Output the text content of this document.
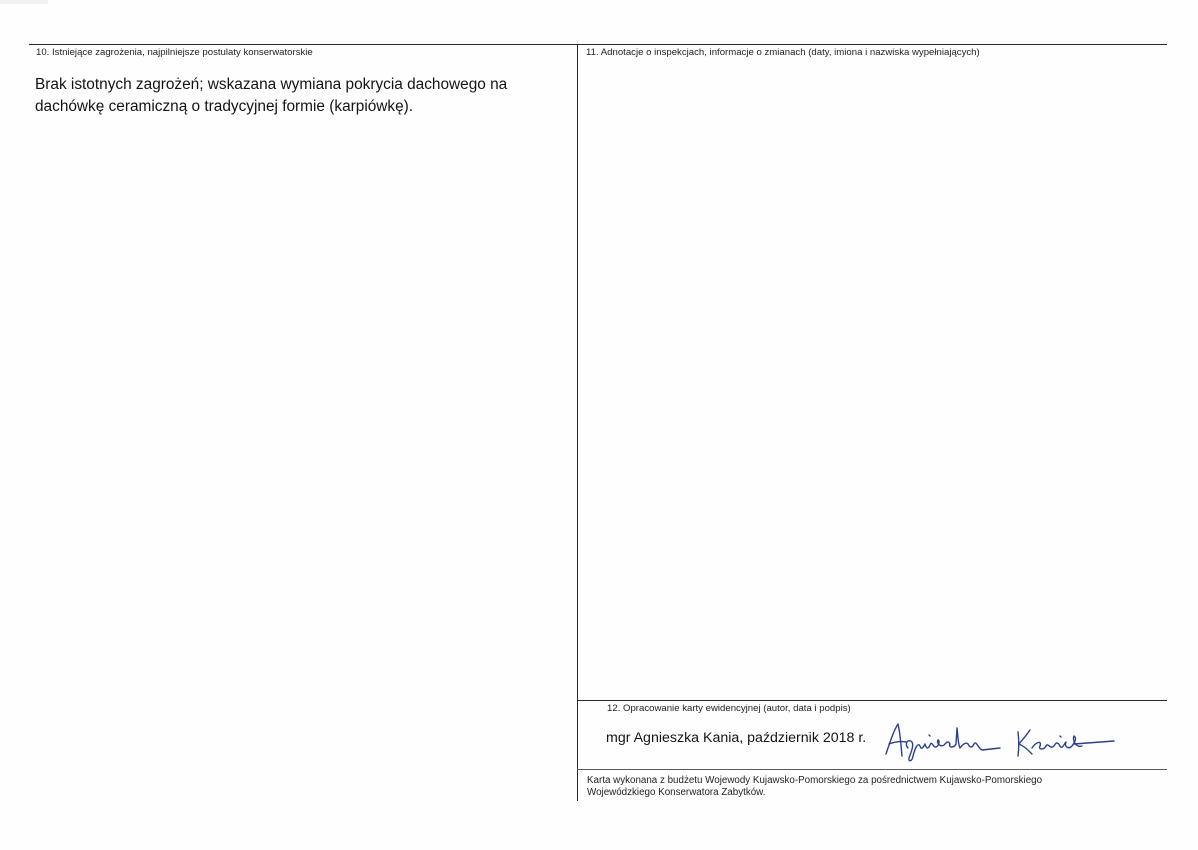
10. Istniejące zagrożenia, najpilniejsze postulaty konserwatorskie
Brak istotnych zagrożeń; wskazana wymiana pokrycia dachowego na
dachówkę ceramiczną o tradycyjnej formie (karpiówkę).
11. Adnotacje o inspekcjach, informacje o zmianach (daty, imiona i nazwiska wypełniających)
12. Opracowanie karty ewidencyjnej (autor, data i podpis)
mgr Agnieszka Kania, październik 2018 r.
Karta wykonana z budżetu Wojewody Kujawsko-Pomorskiego za pośrednictwem Kujawsko-Pomorskiego
Wojewódzkiego Konserwatora Zabytków.
